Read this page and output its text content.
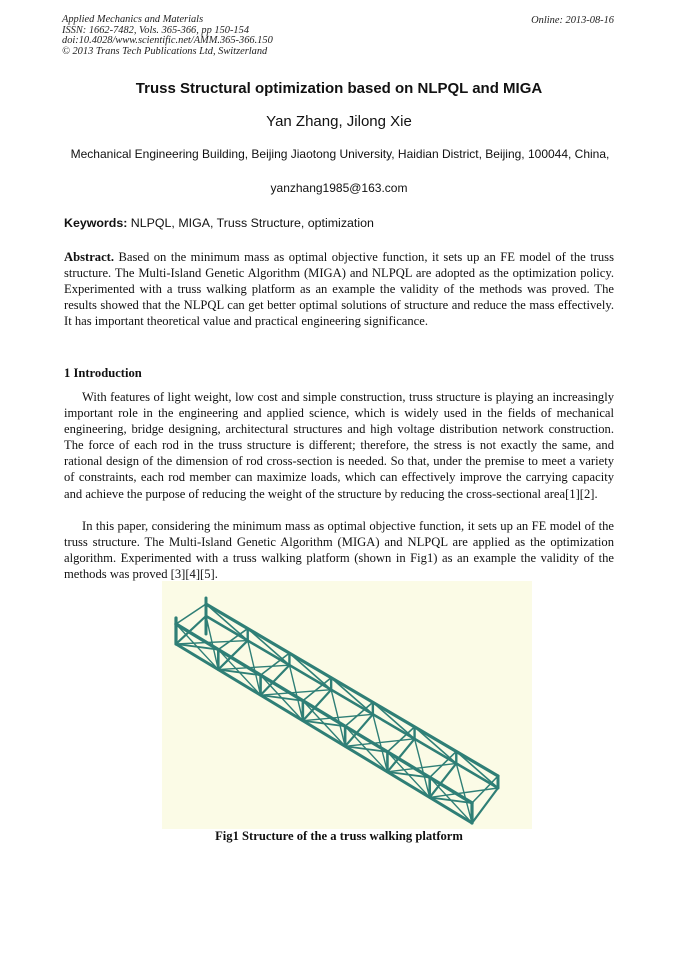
Applied Mechanics and Materials
ISSN: 1662-7482, Vols. 365-366, pp 150-154
doi:10.4028/www.scientific.net/AMM.365-366.150
© 2013 Trans Tech Publications Ltd, Switzerland
Online: 2013-08-16
Truss Structural optimization based on NLPQL and MIGA
Yan Zhang, Jilong Xie
Mechanical Engineering Building, Beijing Jiaotong University, Haidian District, Beijing, 100044, China,
yanzhang1985@163.com
Keywords: NLPQL, MIGA, Truss Structure, optimization
Abstract. Based on the minimum mass as optimal objective function, it sets up an FE model of the truss structure. The Multi-Island Genetic Algorithm (MIGA) and NLPQL are adopted as the optimization policy. Experimented with a truss walking platform as an example the validity of the methods was proved. The results showed that the NLPQL can get better optimal solutions of structure and reduce the mass effectively. It has important theoretical value and practical engineering significance.
1 Introduction
With features of light weight, low cost and simple construction, truss structure is playing an increasingly important role in the engineering and applied science, which is widely used in the fields of mechanical engineering, bridge designing, architectural structures and high voltage distribution network construction. The force of each rod in the truss structure is different; therefore, the stress is not exactly the same, and rational design of the dimension of rod cross-section is needed. So that, under the premise to meet a variety of constraints, each rod member can maximize loads, which can effectively improve the carrying capacity and achieve the purpose of reducing the weight of the structure by reducing the cross-sectional area[1][2].
In this paper, considering the minimum mass as optimal objective function, it sets up an FE model of the truss structure. The Multi-Island Genetic Algorithm (MIGA) and NLPQL are applied as the optimization algorithm. Experimented with a truss walking platform (shown in Fig1) as an example the validity of the methods was proved [3][4][5].
Fig1 Structure of the a truss walking platform
